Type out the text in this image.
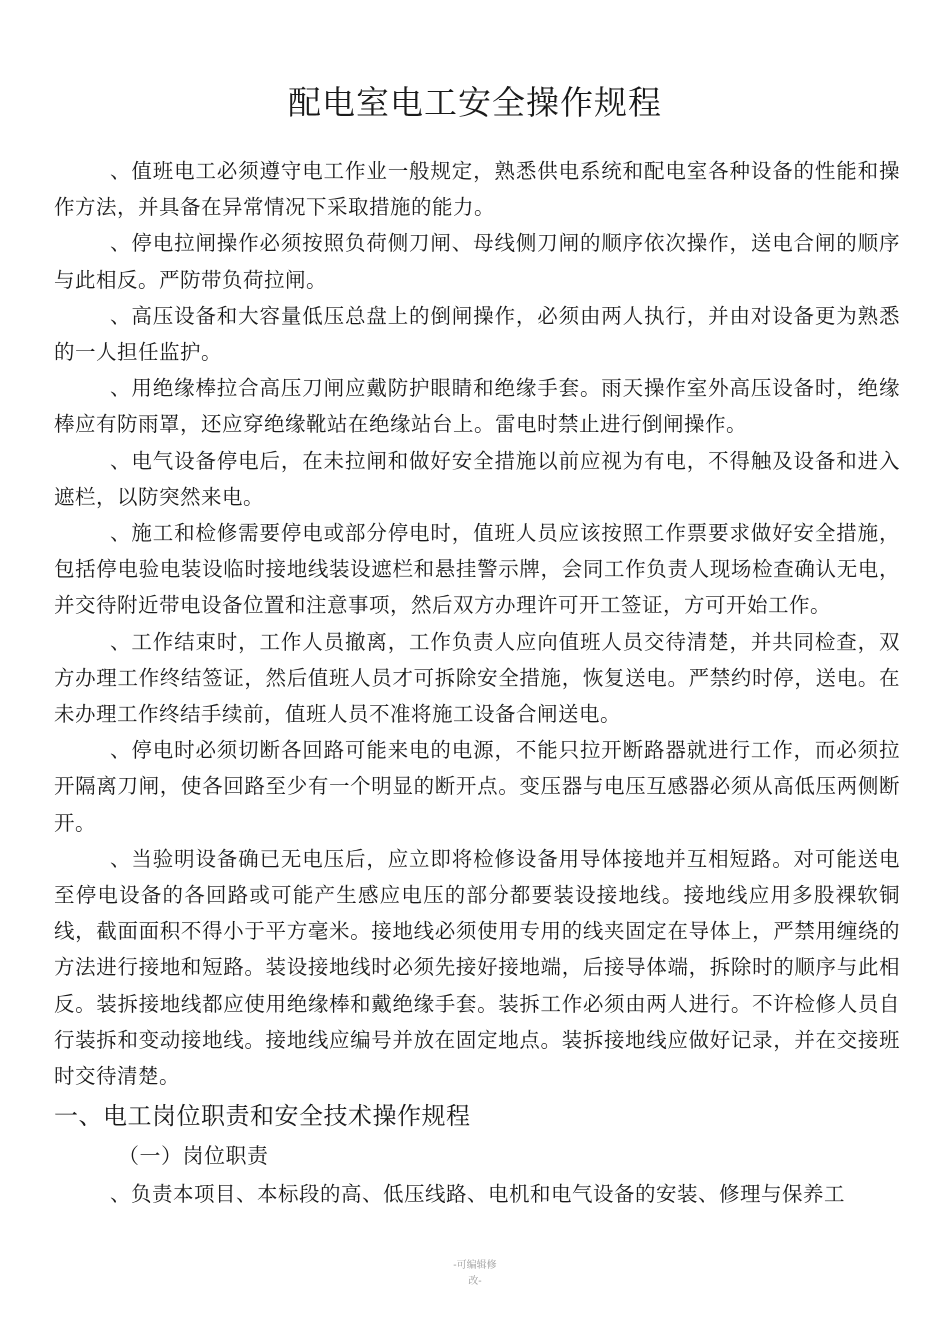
配电室电工安全操作规程

、值班电工必须遵守电工作业一般规定，熟悉供电系统和配电室各种设备的性能和操作方法，并具备在异常情况下采取措施的能力。

、停电拉闸操作必须按照负荷侧刀闸、母线侧刀闸的顺序依次操作，送电合闸的顺序与此相反。严防带负荷拉闸。

、高压设备和大容量低压总盘上的倒闸操作，必须由两人执行，并由对设备更为熟悉的一人担任监护。

、用绝缘棒拉合高压刀闸应戴防护眼睛和绝缘手套。雨天操作室外高压设备时，绝缘棒应有防雨罩，还应穿绝缘靴站在绝缘站台上。雷电时禁止进行倒闸操作。

、电气设备停电后，在未拉闸和做好安全措施以前应视为有电，不得触及设备和进入遮栏，以防突然来电。

、施工和检修需要停电或部分停电时，值班人员应该按照工作票要求做好安全措施，包括停电验电装设临时接地线装设遮栏和悬挂警示牌，会同工作负责人现场检查确认无电，并交待附近带电设备位置和注意事项，然后双方办理许可开工签证，方可开始工作。

、工作结束时，工作人员撤离，工作负责人应向值班人员交待清楚，并共同检查，双方办理工作终结签证，然后值班人员才可拆除安全措施，恢复送电。严禁约时停，送电。在未办理工作终结手续前，值班人员不准将施工设备合闸送电。

、停电时必须切断各回路可能来电的电源，不能只拉开断路器就进行工作，而必须拉开隔离刀闸，使各回路至少有一个明显的断开点。变压器与电压互感器必须从高低压两侧断开。

、当验明设备确已无电压后，应立即将检修设备用导体接地并互相短路。对可能送电至停电设备的各回路或可能产生感应电压的部分都要装设接地线。接地线应用多股裸软铜线，截面面积不得小于平方毫米。接地线必须使用专用的线夹固定在导体上，严禁用缠绕的方法进行接地和短路。装设接地线时必须先接好接地端，后接导体端，拆除时的顺序与此相反。装拆接地线都应使用绝缘棒和戴绝缘手套。装拆工作必须由两人进行。不许检修人员自行装拆和变动接地线。接地线应编号并放在固定地点。装拆接地线应做好记录，并在交接班时交待清楚。

一、电工岗位职责和安全技术操作规程

（一）岗位职责

、负责本项目、本标段的高、低压线路、电机和电气设备的安装、修理与保养工

-可编辑修
改-
